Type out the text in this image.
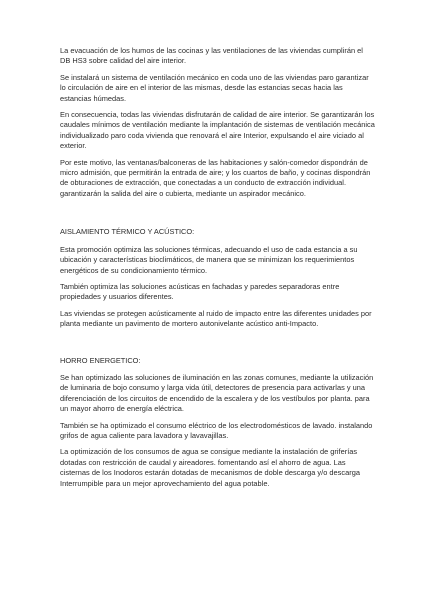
La evacuación de los humos de las cocinas y las ventilaciones de las viviendas cumplirán el DB HS3 sobre calidad del aire interior.

Se instalará un sistema de ventilación mecánico en coda uno de las viviendas paro garantizar lo circulación de aire en el interior de las mismas, desde las estancias secas hacia las estancias húmedas.

En consecuencia, todas las viviendas disfrutarán de calidad de aire interior. Se garantizarán los caudales mínimos de ventilación mediante la implantación de sistemas de ventilación mecánica individualizado paro coda vivienda que renovará el aire Interior, expulsando el aire viciado al exterior.

Por este motivo, las ventanas/balconeras de las habitaciones y salón-comedor dispondrán de micro admisión, que permitirán la entrada de aire; y los cuartos de baño, y cocinas dispondrán de obturaciones de extracción, que conectadas a un conducto de extracción individual. garantizarán la salida del aire o cubierta, mediante un aspirador mecánico.

AISLAMIENTO TÉRMICO Y ACÚSTICO:

Esta promoción optimiza las soluciones térmicas, adecuando el uso de cada estancia a su ubicación y características bioclimáticos, de manera que se minimizan los requerimientos energéticos de su condicionamiento térmico.

También optimiza las soluciones acústicas en fachadas y paredes separadoras entre propiedades y usuarios diferentes.

Las viviendas se protegen acústicamente al ruido de impacto entre las diferentes unidades por planta mediante un pavimento de mortero autonivelante acústico anti-Impacto.

HORRO ENERGETICO:

Se han optimizado las soluciones de iluminación en las zonas comunes, mediante la utilización de luminaria de bojo consumo y larga vida útil, detectores de presencia para activarlas y una diferenciación de los circuitos de encendido de la escalera y de los vestíbulos por planta. para un mayor ahorro de energía eléctrica.

También se ha optimizado el consumo eléctrico de los electrodomésticos de lavado. instalando grifos de agua caliente para lavadora y lavavajillas.

La optimización de los consumos de agua se consigue mediante la instalación de griferías dotadas con restricción de caudal y aireadores. fomentando así el ahorro de agua. Las cisternas de los Inodoros estarán dotadas de mecanismos de doble descarga y/o descarga Interrumpible para un mejor aprovechamiento del agua potable.
